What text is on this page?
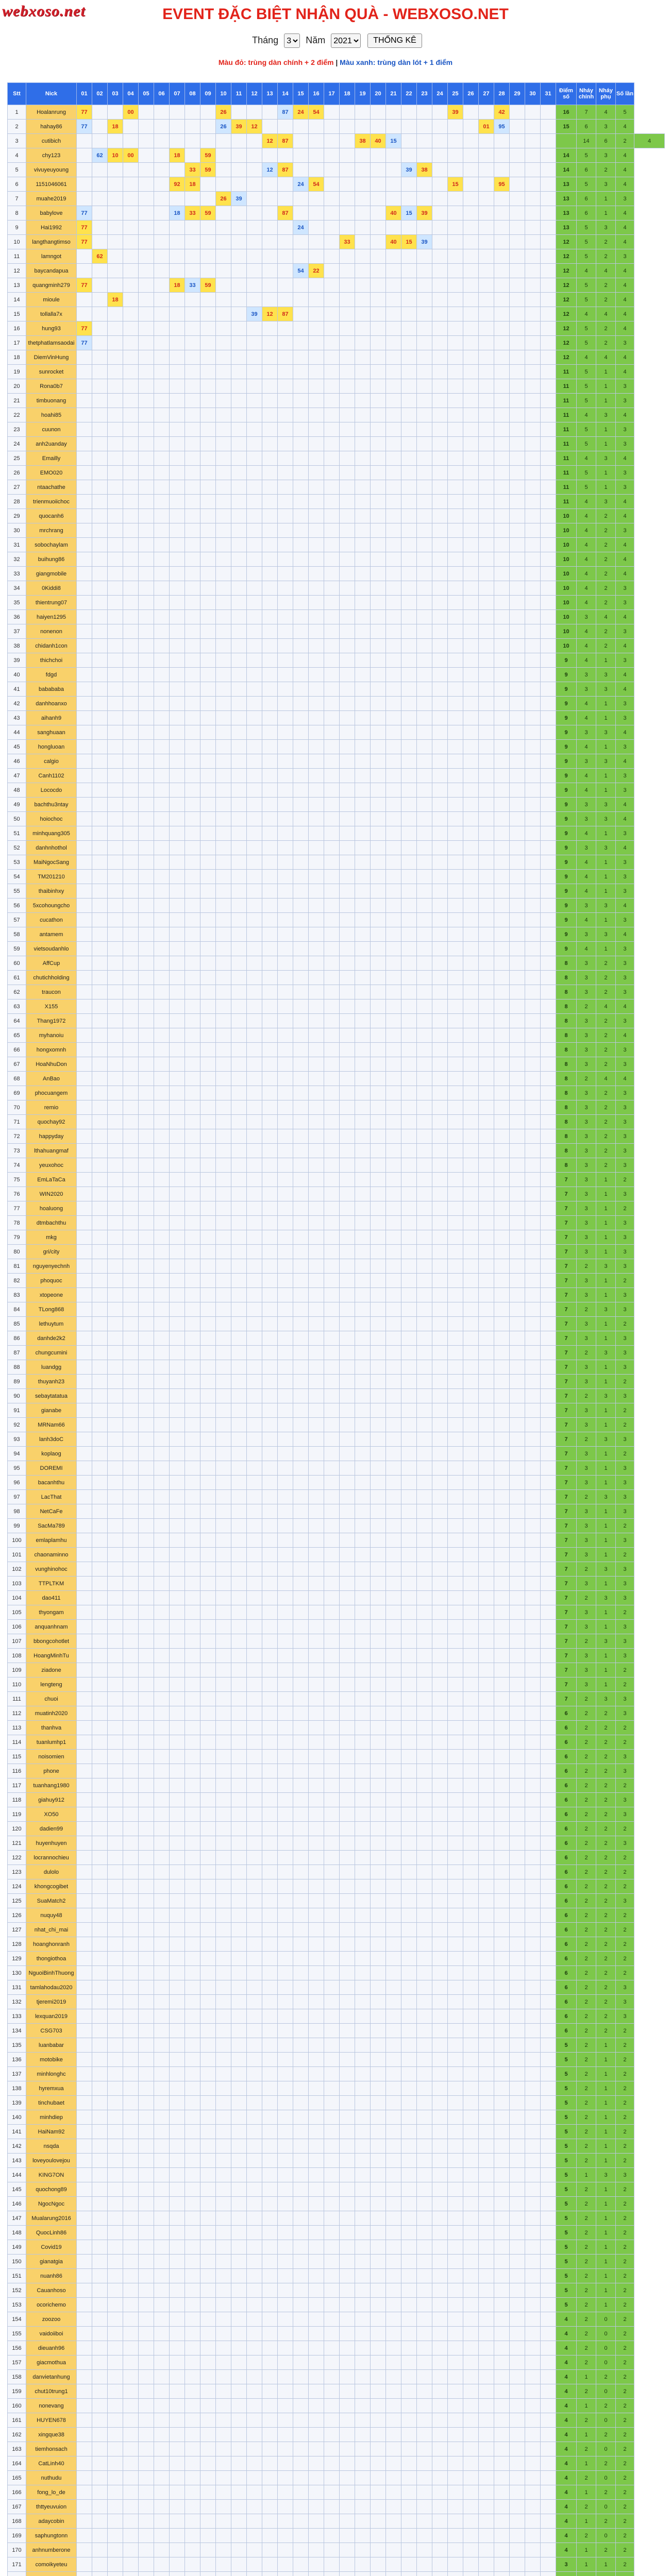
webxoso.net	EVENT ĐẶC BIỆT NHẬN QUÀ - WEBXOSO.NET
Tháng
3	Năm
2021	THỐNG KÊ
Màu đỏ: trùng dàn chính + 2 điểm | Màu xanh: trùng dàn lót + 1 điểm
Stt	Nick	01	02	03	04	05	06	07	08	09	10	11	12	13	14	15	16	17	18	19	20	21	22	23	24	25	26	27	28	29	30	31	Điểm số	Nháy chính	Nháy phụ	Số lần	
1	Hoalanrung	77			00						26				87	24	54									39			42				16	7	4	5	
2	hahay86	77		18							26	39	12															01	95				15	6	3	4	
3	cutibich													12	87					38	40	15												14	6	2	4
4	chy123		62	10	00			18		59																							14	5	3	4	
5	vivuyeuyoung								33	59				12	87								39	38									14	6	2	4	
6	1151046061							92	18							24	54									15			95				13	5	3	4	
7	muahe2019										26	39																					13	6	1	3	
8	babylove	77						18	33	59					87							40	15	39									13	6	1	4	
9	Hai1992	77														24																	13	5	3	4	
10	langthangtimso	77																	33			40	15	39									12	5	2	4	
11	lamngot		62																														12	5	2	3	
12	baycandapua															54	22																12	4	4	4	
13	quangminh279	77						18	33	59																							12	5	2	4	
14	mioule			18																													12	5	2	4	
15	tollalla7x												39	12	87																		12	4	4	4	
16	hung93	77																															12	5	2	4	
17	thetphatlamsaodai	77																															12	5	2	3	
18	DiemVinHung																																12	4	4	4	
19	sunrocket																																11	5	1	4	
20	Rona0b7																																11	5	1	3	
21	timbuonang																																11	5	1	3	
22	hoahi85																																11	4	3	4	
23	cuunon																																11	5	1	3	
24	anh2uanday																																11	5	1	3	
25	Emailly																																11	4	3	4	
26	EMO020																																11	5	1	3	
27	ntaachathe																																11	5	1	3	
28	trienmuoiichoc																																11	4	3	4	
29	quocanh6																																10	4	2	4	
30	mrchrang																																10	4	2	3	
31	sobochaylam																																10	4	2	4	
32	buihung86																																10	4	2	4	
33	giangmobile																																10	4	2	4	
34	0Kiddi8																																10	4	2	3	
35	thientrung07																																10	4	2	3	
36	haiyen1295																																10	3	4	4	
37	nonenon																																10	4	2	3	
38	chidanh1con																																10	4	2	4	
39	thichchoi																																9	4	1	3	
40	fdgd																																9	3	3	4	
41	babababa																																9	3	3	4	
42	danhhoanxo																																9	4	1	3	
43	aihanh9																																9	4	1	3	
44	sanghuaan																																9	3	3	4	
45	hongluoan																																9	4	1	3	
46	calgio																																9	3	3	4	
47	Canh1102																																9	4	1	3	
48	Lococdo																																9	4	1	3	
49	bachthu3ntay																																9	3	3	4	
50	hoiochoc																																9	3	3	4	
51	minhquang305																																9	4	1	3	
52	danhnhothol																																9	3	3	4	
53	MaiNgocSang																																9	4	1	3	
54	TM201210																																9	4	1	3	
55	thaibinhxy																																9	4	1	3	
56	5xcohoungcho																																9	3	3	4	
57	cucathon																																9	4	1	3	
58	antamem																																9	3	3	4	
59	vietsoudanhlo																																9	4	1	3	
60	AffCup																																8	3	2	3	
61	chutichholding																																8	3	2	3	
62	traucon																																8	3	2	3	
63	X155																																8	2	4	4	
64	Thang1972																																8	3	2	3	
65	myhanoiu																																8	3	2	4	
66	hongxomnh																																8	3	2	3	
67	HoaNhuDon																																8	3	2	3	
68	AnBao																																8	2	4	4	
69	phocuangem																																8	3	2	3	
70	remio																																8	3	2	3	
71	quochay92																																8	3	2	3	
72	happyday																																8	3	2	3	
73	lthahuangmaf																																8	3	2	3	
74	yeuxohoc																																8	3	2	3	
75	EmLaTaCa																																7	3	1	2	
76	WIN2020																																7	3	1	3	
77	hoaluong																																7	3	1	2	
78	dtmbachthu																																7	3	1	3	
79	mkg																																7	3	1	3	
80	gri/city																																7	3	1	3	
81	nguyenyechnh																																7	2	3	3	
82	phoquoc																																7	3	1	2	
83	xtopeone																																7	3	1	3	
84	TLong868																																7	2	3	3	
85	lethuytum																																7	3	1	2	
86	danhde2k2																																7	3	1	3	
87	chungcumini																																7	2	3	3	
88	luandgg																																7	3	1	3	
89	thuyanh23																																7	3	1	2	
90	sebaytatatua																																7	2	3	3	
91	gianabe																																7	3	1	2	
92	MRNam66																																7	3	1	2	
93	lanh3doC																																7	2	3	3	
94	koplaog																																7	3	1	2	
95	DOREMI																																7	3	1	3	
96	bacanhthu																																7	3	1	3	
97	LacThat																																7	2	3	3	
98	NetCaFe																																7	3	1	3	
99	SacMa789																																7	3	1	2	
100	emlaplamhu																																7	3	1	3	
101	chaonaminno																																7	3	1	2	
102	vunghinohoc																																7	2	3	3	
103	TTPLTKM																																7	3	1	3	
104	dao411																																7	2	3	3	
105	thyongam																																7	3	1	2	
106	anquanhnam																																7	3	1	3	
107	bbongcohotlet																																7	2	3	3	
108	HoangMinhTu																																7	3	1	3	
109	ziadone																																7	3	1	2	
110	lengteng																																7	3	1	2	
111	chuoi																																7	2	3	3	
112	muatinh2020																																6	2	2	3	
113	thanhva																																6	2	2	2	
114	tuanlumhp1																																6	2	2	2	
115	noisomien																																6	2	2	3	
116	phone																																6	2	2	3	
117	tuanhang1980																																6	2	2	2	
118	giahuy912																																6	2	2	3	
119	XO50																																6	2	2	3	
120	dadien99																																6	2	2	2	
121	huyenhuyen																																6	2	2	3	
122	locrannochieu																																6	2	2	2	
123	dulolo																																6	2	2	2	
124	khongcogibet																																6	2	2	2	
125	SuaMatch2																																6	2	2	3	
126	nuquy48																																6	2	2	2	
127	nhat_chi_mai																																6	2	2	2	
128	hoanghonranh																																6	2	2	2	
129	thongiothoa																																6	2	2	2	
130	NguoiBinhThuong																																6	2	2	2	
131	tamlahodau2020																																6	2	2	3	
132	tjeremi2019																																6	2	2	3	
133	lexquan2019																																6	2	2	3	
134	CSG703																																6	2	2	2	
135	luanbabar																																5	2	1	2	
136	motobike																																5	2	1	2	
137	minhlonghc																																5	2	1	2	
138	hyremxua																																5	2	1	2	
139	tinchubaet																																5	2	1	2	
140	minhdiep																																5	2	1	2	
141	HaiNam92																																5	2	1	2	
142	nsqda																																5	2	1	2	
143	loveyoulovejou																																5	2	1	2	
144	KING7ON																																5	1	3	3	
145	quochong89																																5	2	1	2	
146	NgocNgoc																																5	2	1	2	
147	Mualarung2016																																5	2	1	2	
148	QuocLinh86																																5	2	1	2	
149	Covid19																																5	2	1	2	
150	gianatgia																																5	2	1	2	
151	nuanh86																																5	2	1	2	
152	Cauanhoso																																5	2	1	2	
153	ocorichemo																																5	2	1	2	
154	zoozoo																																4	2	0	2	
155	vaidoiiboi																																4	2	0	2	
156	dieuanh96																																4	2	0	2	
157	giacmothua																																4	2	0	2	
158	danvietanhung																																4	1	2	2	
159	chut10trung1																																4	2	0	2	
160	nonevang																																4	1	2	2	
161	HUYEN678																																4	2	0	2	
162	xingque38																																4	1	2	2	
163	tiemhonsach																																4	2	0	2	
164	CatLinh40																																4	1	2	2	
165	nuthudu																																4	2	0	2	
166	fong_lo_de																																4	1	2	2	
167	thttyeuvuion																																4	2	0	2	
168	adaycobin																																4	1	2	2	
169	saphungtonn																																4	2	0	2	
170	anhnumberone																																4	1	2	2	
171	comoikyeteu																																3	1	1	2	
